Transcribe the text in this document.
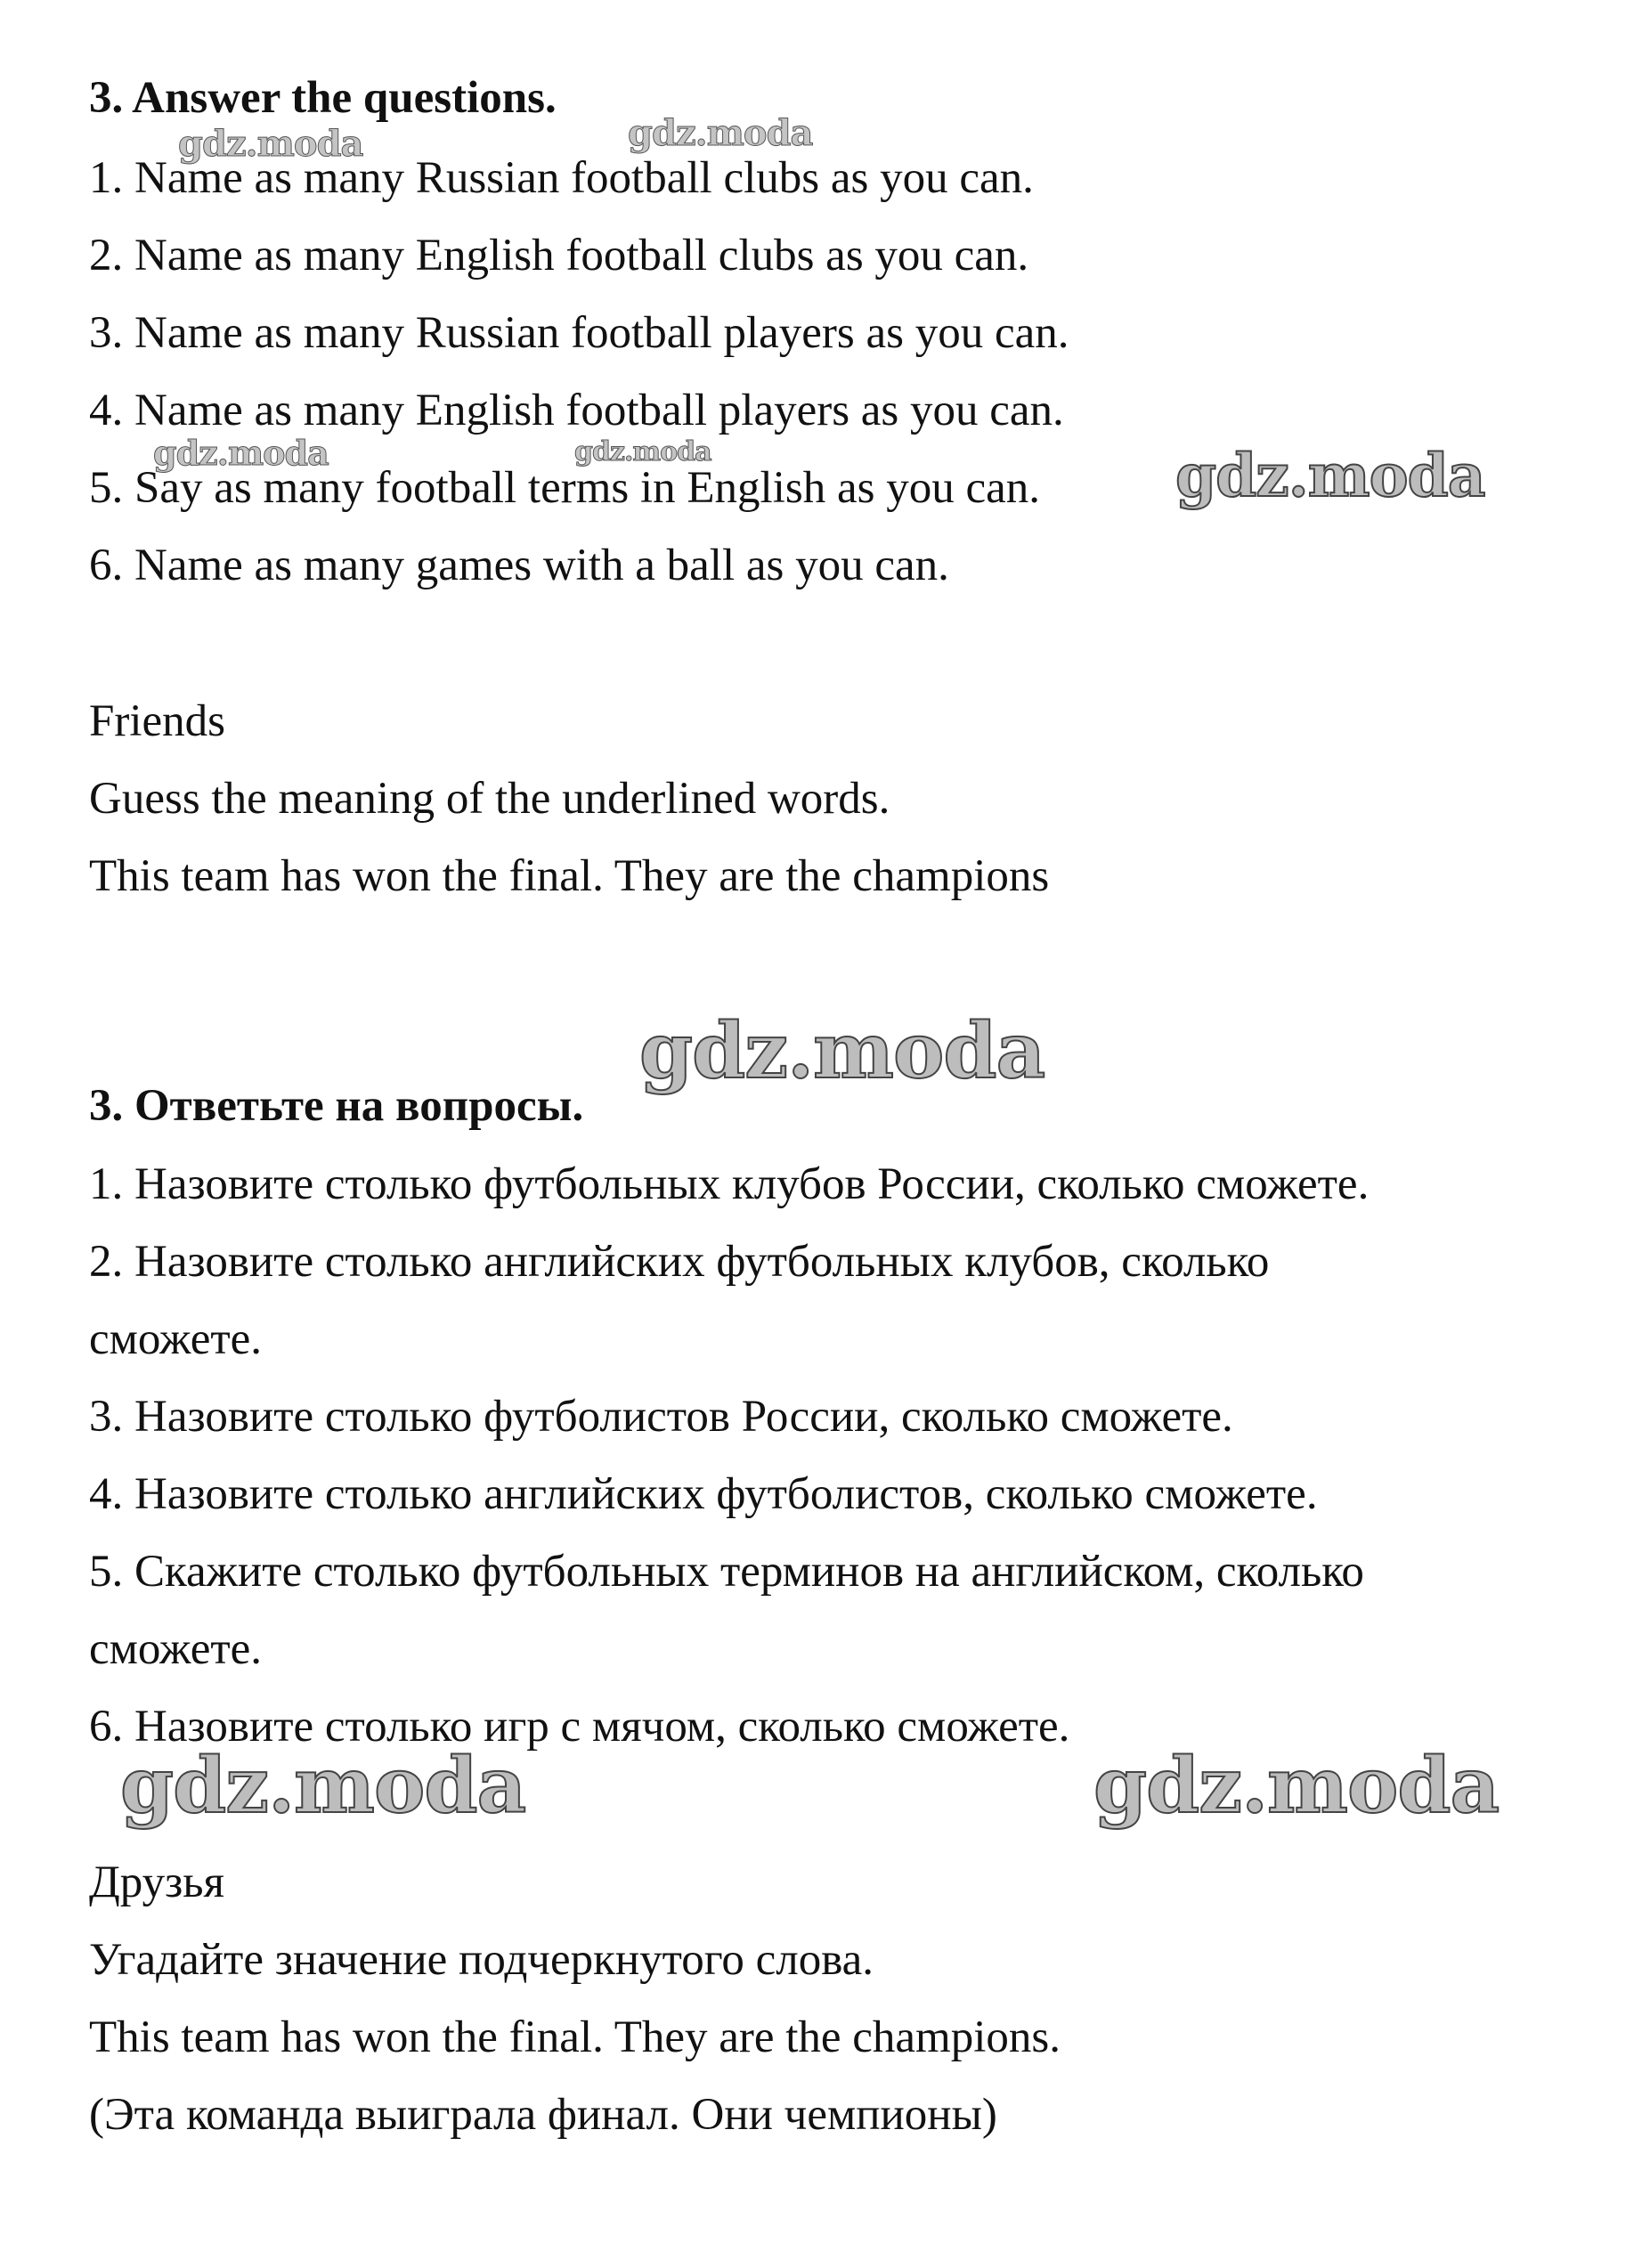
3. Answer the questions.
1. Name as many Russian football clubs as you can.
2. Name as many English football clubs as you can.
3. Name as many Russian football players as you can.
4. Name as many English football players as you can.
5. Say as many football terms in English as you can.
6. Name as many games with a ball as you can.
Friends
Guess the meaning of the underlined words.
This team has won the final. They are the champions
3. Ответьте на вопросы.
1. Назовите столько футбольных клубов России, сколько сможете.
2. Назовите столько английских футбольных клубов, сколько
сможете.
3. Назовите столько футболистов России, сколько сможете.
4. Назовите столько английских футболистов, сколько сможете.
5. Скажите столько футбольных терминов на английском, сколько
сможете.
6. Назовите столько игр с мячом, сколько сможете.
Друзья
Угадайте значение подчеркнутого слова.
This team has won the final. They are the champions.
(Эта команда выиграла финал. Они чемпионы)
gdz.moda	gdz.moda
gdz.moda	gdz.moda	gdz.moda
gdz.moda
gdz.moda	gdz.moda
